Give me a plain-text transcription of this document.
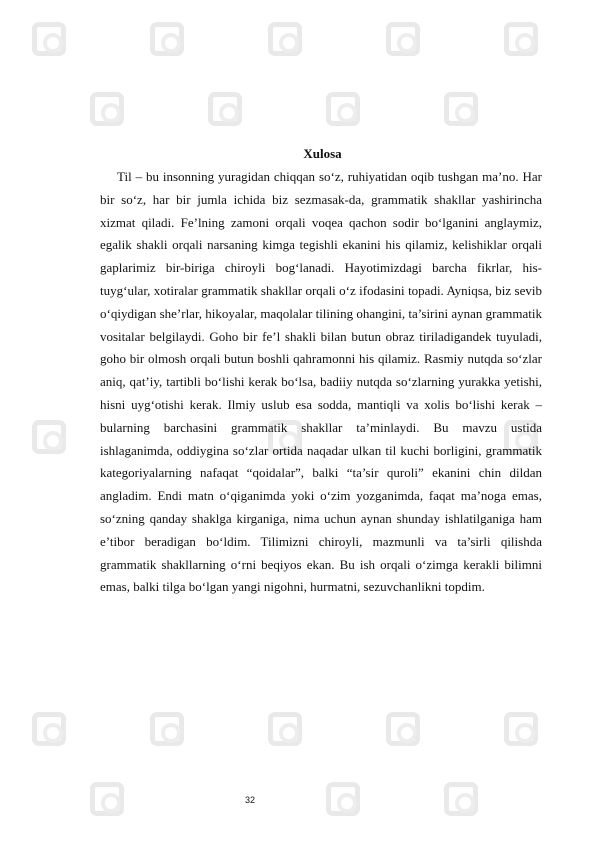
Xulosa

Til – bu insonning yuragidan chiqqan so‘z, ruhiyatidan oqib tushgan ma’no. Har bir so‘z, har bir jumla ichida biz sezmasak-da, grammatik shakllar yashirincha xizmat qiladi. Fe’lning zamoni orqali voqea qachon sodir bo‘lganini anglaymiz, egalik shakli orqali narsaning kimga tegishli ekanini his qilamiz, kelishiklar orqali gaplarimiz bir-biriga chiroyli bog‘lanadi. Hayotimizdagi barcha fikrlar, his-tuyg‘ular, xotiralar grammatik shakllar orqali o‘z ifodasini topadi. Ayniqsa, biz sevib o‘qiydigan she’rlar, hikoyalar, maqolalar tilining ohangini, ta’sirini aynan grammatik vositalar belgilaydi. Goho bir fe’l shakli bilan butun obraz tiriladigandek tuyuladi, goho bir olmosh orqali butun boshli qahramonni his qilamiz. Rasmiy nutqda so‘zlar aniq, qat’iy, tartibli bo‘lishi kerak bo‘lsa, badiiy nutqda so‘zlarning yurakka yetishi, hisni uyg‘otishi kerak. Ilmiy uslub esa sodda, mantiqli va xolis bo‘lishi kerak – bularning barchasini grammatik shakllar ta’minlaydi. Bu mavzu ustida ishlaganimda, oddiygina so‘zlar ortida naqadar ulkan til kuchi borligini, grammatik kategoriyalarning nafaqat “qoidalar”, balki “ta’sir quroli” ekanini chin dildan angladim. Endi matn o‘qiganimda yoki o‘zim yozganimda, faqat ma’noga emas, so‘zning qanday shaklga kirganiga, nima uchun aynan shunday ishlatilganiga ham e’tibor beradigan bo‘ldim. Tilimizni chiroyli, mazmunli va ta’sirli qilishda grammatik shakllarning o‘rni beqiyos ekan. Bu ish orqali o‘zimga kerakli bilimni emas, balki tilga bo‘lgan yangi nigohni, hurmatni, sezuvchanlikni topdim.

32
